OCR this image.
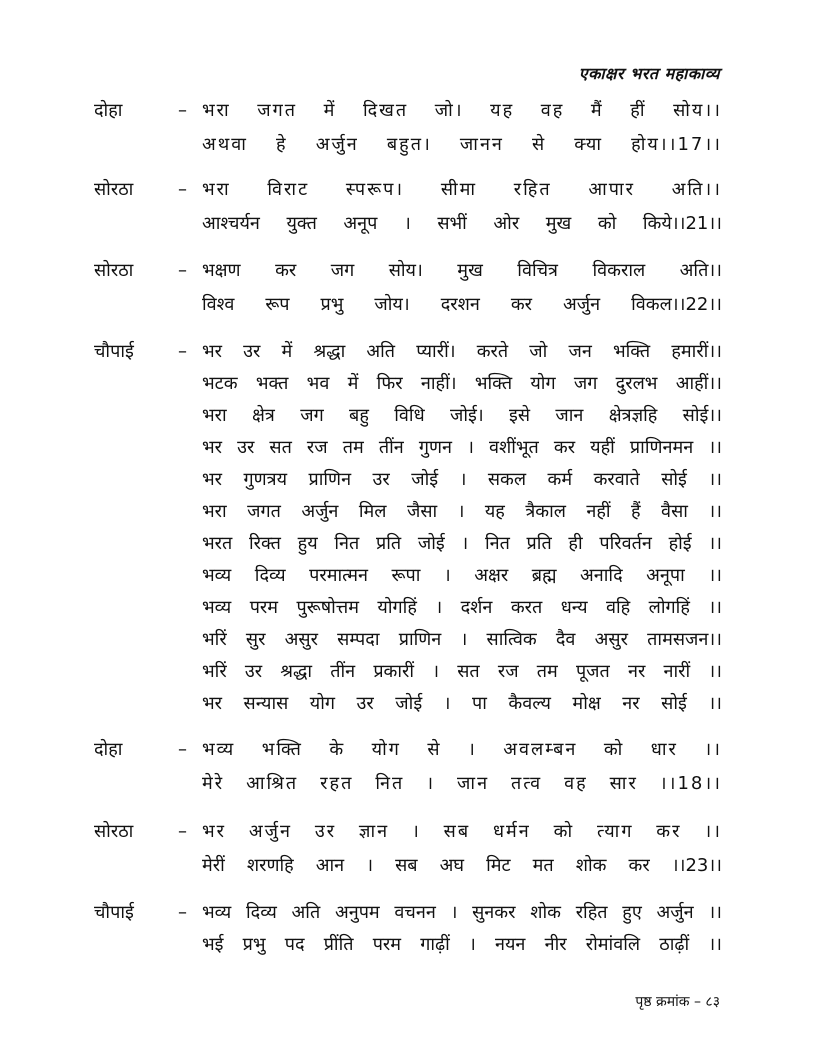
एकाक्षर भरत महाकाव्य
दोहा	– भरा जगत में दिखत जो। यह वह मैं हीं सोय।।
अथवा हे अर्जुन बहुत। जानन से क्या होय।।17।।
सोरठा – भरा विराट स्परूप। सीमा रहित आपार अति।।
आश्चर्यन युक्त अनूप । सभीं ओर मुख को किये।।21।।
सोरठा – भक्षण कर जग सोय। मुख विचित्र विकराल अति।।
विश्व रूप प्रभु जोय। दरशन कर अर्जुन विकल।।22।।
चौपाई – भर उर में श्रद्धा अति प्यारीं। करते जो जन भक्ति हमारीं।।
भटक भक्त भव में फिर नाहीं। भक्ति योग जग दुरलभ आहीं।।
भरा क्षेत्र जग बहु विधि जोई। इसे जान क्षेत्रज्ञहि सोई।।
भर उर सत रज तम तींन गुणन । वशींभूत कर यहीं प्राणिनमन ।।
भर गुणत्रय प्राणिन उर जोई । सकल कर्म करवाते सोई ।।
भरा जगत अर्जुन मिल जैसा । यह त्रैकाल नहीं हैं वैसा ।।
भरत रिक्त हुय नित प्रति जोई । नित प्रति ही परिवर्तन होई ।।
भव्य दिव्य परमात्मन रूपा । अक्षर ब्रह्म अनादि अनूपा ।।
भव्य परम पुरूषोत्तम योगहिं । दर्शन करत धन्य वहि लोगहिं ।।
भरिं सुर असुर सम्पदा प्राणिन । सात्विक दैव असुर तामसजन।।
भरिं उर श्रद्धा तींन प्रकारीं । सत रज तम पूजत नर नारीं ।।
भर सन्यास योग उर जोई । पा कैवल्य मोक्ष नर सोई ।।
दोहा	– भव्य भक्ति के योग से । अवलम्बन को धार ।।
मेरे आश्रित रहत नित । जान तत्व वह सार ।।18।।
सोरठा – भर अर्जुन उर ज्ञान । सब धर्मन को त्याग कर ।।
मेरीं शरणहि आन । सब अघ मिट मत शोक कर ।।23।।
चौपाई – भव्य दिव्य अति अनुपम वचनन । सुनकर शोक रहित हुए अर्जुन ।।
भई प्रभु पद प्रींति परम गाढ़ीं । नयन नीर रोमांवलि ठाढ़ीं ।।
पृष्ठ क्रमांक – ८३
